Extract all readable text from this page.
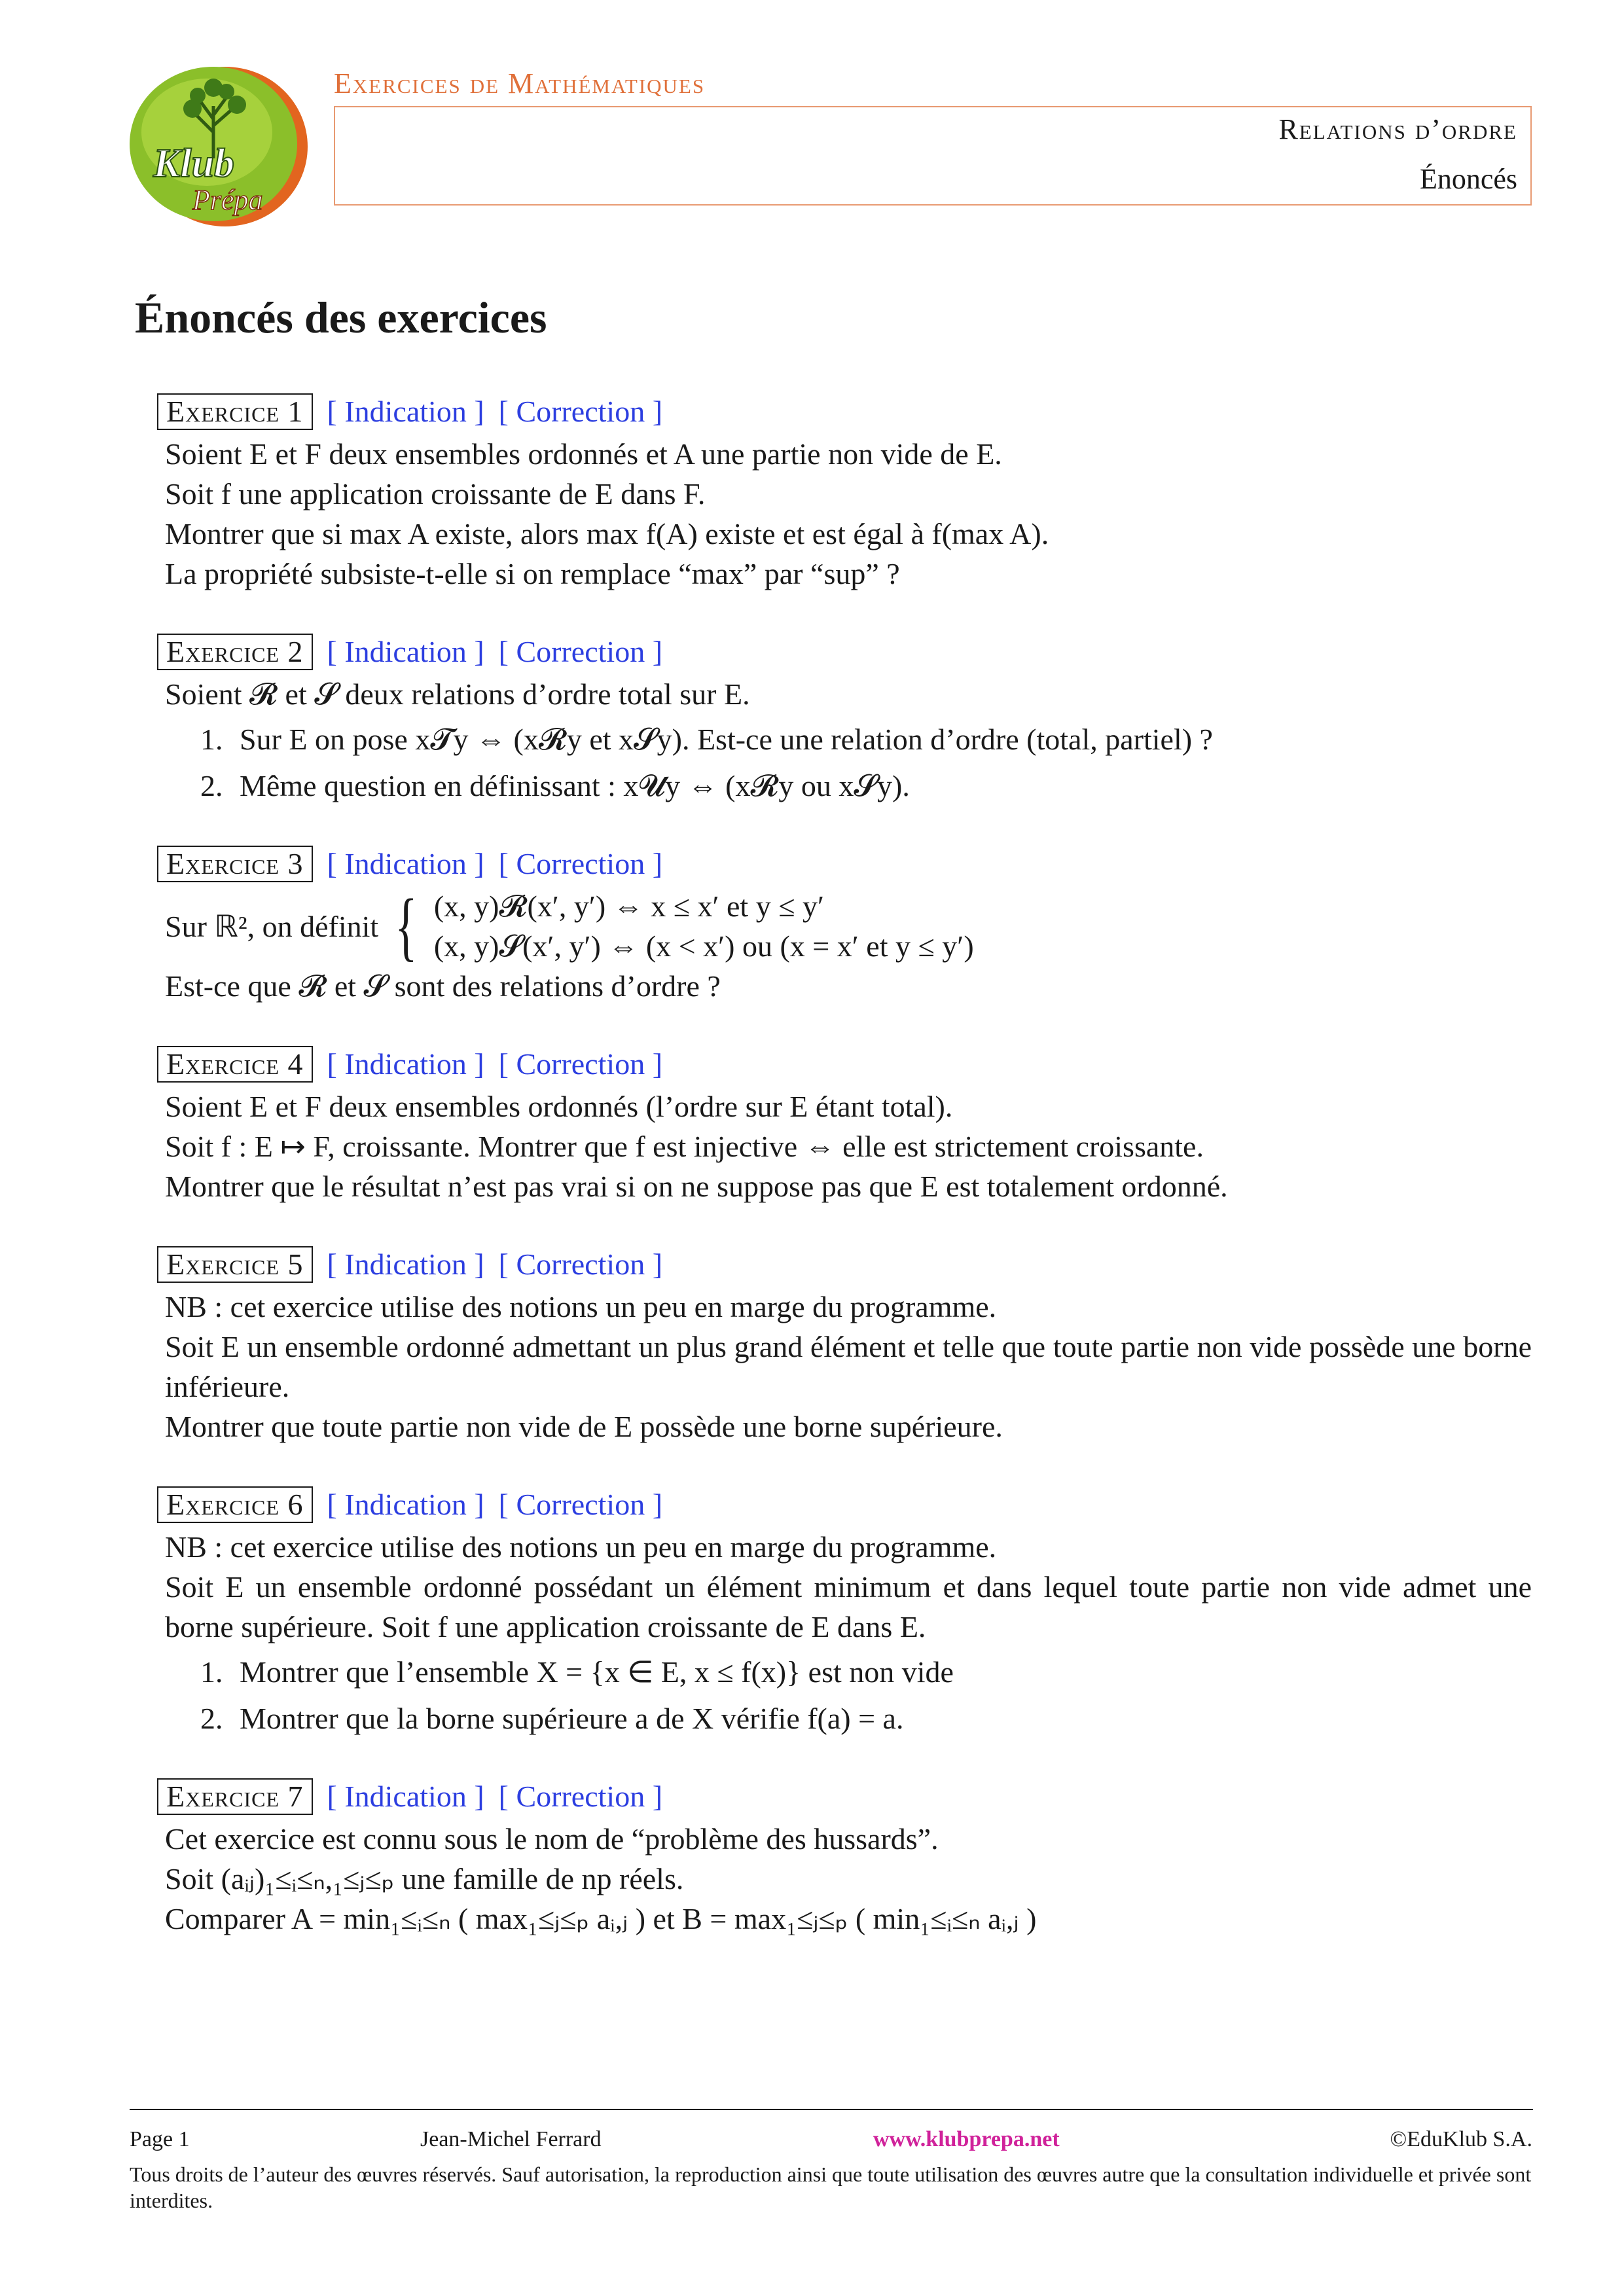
Klub
Prépa
Exercices de Mathématiques
Relations d’ordre
Énoncés
Énoncés des exercices
Exercice 1 [ Indication ] [ Correction ]
Soient E et F deux ensembles ordonnés et A une partie non vide de E.
Soit f une application croissante de E dans F.
Montrer que si max A existe, alors max f(A) existe et est égal à f(max A).
La propriété subsiste-t-elle si on remplace “max” par “sup” ?
Exercice 2 [ Indication ] [ Correction ]
Soient 𝓡 et 𝓢 deux relations d’ordre total sur E.
1. Sur E on pose x𝓣y ⇔ (x𝓡y et x𝓢y). Est-ce une relation d’ordre (total, partiel) ?
2. Même question en définissant : x𝓤y ⇔ (x𝓡y ou x𝓢y).
Exercice 3 [ Indication ] [ Correction ]
Sur ℝ², on définit { (x, y)𝓡(x′, y′) ⇔ x ≤ x′ et y ≤ y′
(x, y)𝓢(x′, y′) ⇔ (x < x′) ou (x = x′ et y ≤ y′)
Est-ce que 𝓡 et 𝓢 sont des relations d’ordre ?
Exercice 4 [ Indication ] [ Correction ]
Soient E et F deux ensembles ordonnés (l’ordre sur E étant total).
Soit f : E ↦ F, croissante. Montrer que f est injective ⇔ elle est strictement croissante.
Montrer que le résultat n’est pas vrai si on ne suppose pas que E est totalement ordonné.
Exercice 5 [ Indication ] [ Correction ]
NB : cet exercice utilise des notions un peu en marge du programme.
Soit E un ensemble ordonné admettant un plus grand élément et telle que toute partie non vide possède une borne inférieure.
Montrer que toute partie non vide de E possède une borne supérieure.
Exercice 6 [ Indication ] [ Correction ]
NB : cet exercice utilise des notions un peu en marge du programme.
Soit E un ensemble ordonné possédant un élément minimum et dans lequel toute partie non vide admet une borne supérieure. Soit f une application croissante de E dans E.
1. Montrer que l’ensemble X = {x ∈ E, x ≤ f(x)} est non vide
2. Montrer que la borne supérieure a de X vérifie f(a) = a.
Exercice 7 [ Indication ] [ Correction ]
Cet exercice est connu sous le nom de “problème des hussards”.
Soit (aᵢⱼ)₁≤ᵢ≤ₙ,₁≤ⱼ≤ₚ une famille de np réels.
Comparer A = min₁≤ᵢ≤ₙ ( max₁≤ⱼ≤ₚ aᵢ,ⱼ ) et B = max₁≤ⱼ≤ₚ ( min₁≤ᵢ≤ₙ aᵢ,ⱼ )
Page 1	Jean-Michel Ferrard	www.klubprepa.net	©EduKlub S.A.
Tous droits de l’auteur des œuvres réservés. Sauf autorisation, la reproduction ainsi que toute utilisation des œuvres autre que la consultation individuelle et privée sont interdites.
